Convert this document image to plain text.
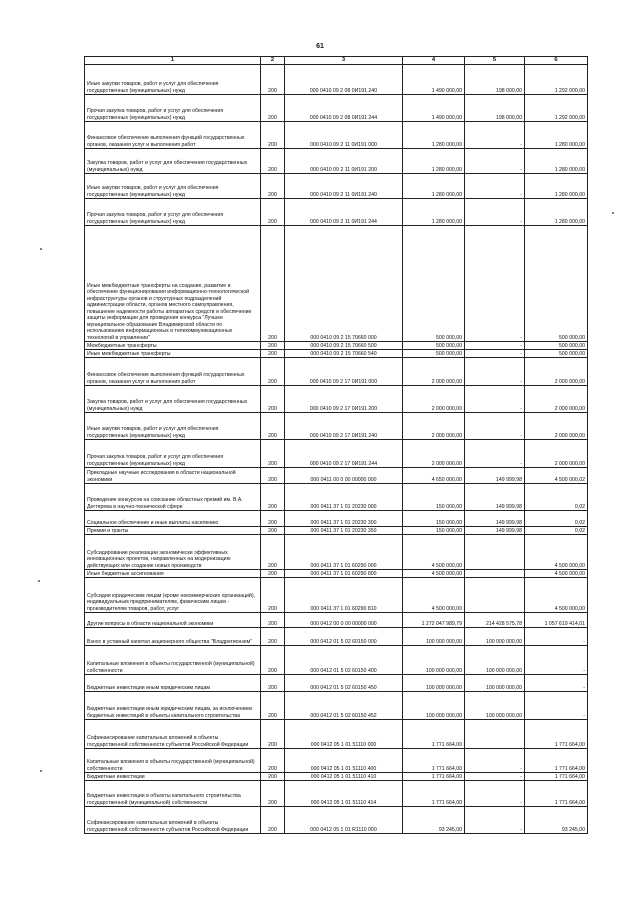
61
1	2	3	4	5	6
Иные закупки товаров, работ и услуг для обеспечения государственных (муниципальных) нужд	200	000 0410 09 2 08 0И191 240	1 490 000,00	198 000,00	1 292 000,00
Прочая закупка товаров, работ и услуг для обеспечения государственных (муниципальных) нужд	200	000 0410 09 2 08 0И191 244	1 490 000,00	198 000,00	1 292 000,00
Финансовое обеспечение выполнения функций государственных органов, оказания услуг и выполнения работ	200	000 0410 09 2 11 0И191 000	1 280 000,00	-	1 280 000,00
Закупка товаров, работ и услуг для обеспечения государственных (муниципальных) нужд	200	000 0410 09 2 11 0И191 200	1 280 000,00	-	1 280 000,00
Иные закупки товаров, работ и услуг для обеспечения государственных (муниципальных) нужд	200	000 0410 09 2 11 0И191 240	1 280 000,00	-	1 280 000,00
Прочая закупка товаров, работ и услуг для обеспечения государственных (муниципальных) нужд	200	000 0410 09 2 11 0И191 244	1 280 000,00	-	1 280 000,00
Иные межбюджетные трансферты на создание, развитие и обеспечение функционирования информационно-технологической инфраструктуры органов и структурных подразделений администрации области, органов местного самоуправления, повышение надежности работы аппаратных средств и обеспечение защиты информации для проведения конкурса "Лучшее муниципальное образование Владимирской области по использованию информационных и телекоммуникационных технологий в управлении"	200	000 0410 09 2 15 70660 000	500 000,00	-	500 000,00
Межбюджетные трансферты	200	000 0410 09 2 15 70660 500	500 000,00	-	500 000,00
Иные межбюджетные трансферты	200	000 0410 09 2 15 70660 540	500 000,00	-	500 000,00
Финансовое обеспечение выполнения функций государственных органов, оказания услуг и выполнения работ	200	000 0410 09 2 17 0И191 000	2 000 000,00	-	2 000 000,00
Закупка товаров, работ и услуг для обеспечения государственных (муниципальных) нужд	200	000 0410 09 2 17 0И191 200	2 000 000,00	-	2 000 000,00
Иные закупки товаров, работ и услуг для обеспечения государственных (муниципальных) нужд	200	000 0410 09 2 17 0И191 240	2 000 000,00	-	2 000 000,00
Прочая закупка товаров, работ и услуг для обеспечения государственных (муниципальных) нужд	200	000 0410 09 2 17 0И191 244	2 000 000,00	-	2 000 000,00
Прикладные научные исследования в области национальной экономики	200	000 0411 00 0 00 00000 000	4 650 000,00	149 999,98	4 500 000,02
Проведение конкурсов на соискание областных премий им. В.А. Дегтярева в научно-технической сфере	200	000 0411 37 1 01 20230 000	150 000,00	149 999,98	0,02
Социальное обеспечение и иные выплаты населению	200	000 0411 37 1 01 20230 300	150 000,00	149 999,98	0,02
Премии и гранты	200	000 0411 37 1 01 20230 350	150 000,00	149 999,98	0,02
Субсидирование реализации экономически эффективных инновационных проектов, направленных на модернизацию действующих или создание новых производств	200	000 0411 37 1 01 60290 000	4 500 000,00		4 500 000,00
Иные бюджетные ассигнования	200	000 0411 37 1 01 60290 800	4 500 000,00		4 500 000,00
Субсидии юридическим лицам (кроме некоммерческих организаций), индивидуальным предпринимателям, физическим лицам - производителям товаров, работ, услуг	200	000 0411 37 1 01 60290 810	4 500 000,00		4 500 000,00
Другие вопросы в области национальной экономики	200	000 0412 00 0 00 00000 000	1 272 047 989,79	214 428 575,78	1 057 619 414,01
Взнос в уставный капитал акционерного общества "Владрегионзем"	200	000 0412 01 5 02 60150 000	100 000 000,00	100 000 000,00	-
Капитальные вложения в объекты государственной (муниципальной) собственности	200	000 0412 01 5 02 60150 400	100 000 000,00	100 000 000,00	-
Бюджетные инвестиции иным юридическим лицам	200	000 0412 01 5 02 60150 450	100 000 000,00	100 000 000,00	-
Бюджетные инвестиции иным юридическим лицам, за исключением бюджетных инвестиций в объекты капитального строительства	200	000 0412 01 5 02 60150 452	100 000 000,00	100 000 000,00	-
Софинансирование капитальных вложений в объекты государственной собственности субъектов Российской Федерации	200	000 0412 05 1 01 51110 000	1 771 664,00		1 771 664,00
Капитальные вложения в объекты государственной (муниципальной) собственности	200	000 0412 05 1 01 51110 400	1 771 664,00	-	1 771 664,00
Бюджетные инвестиции	200	000 0412 05 1 01 51110 410	1 771 664,00	-	1 771 664,00
Бюджетные инвестиции в объекты капитального строительства государственной (муниципальной) собственности	200	000 0412 05 1 01 51110 414	1 771 664,00	-	1 771 664,00
Софинансирование капитальных вложений в объекты государственной собственности субъектов Российской Федерации	200	000 0412 05 1 01 R1110 000	93 245,00	-	93 245,00
